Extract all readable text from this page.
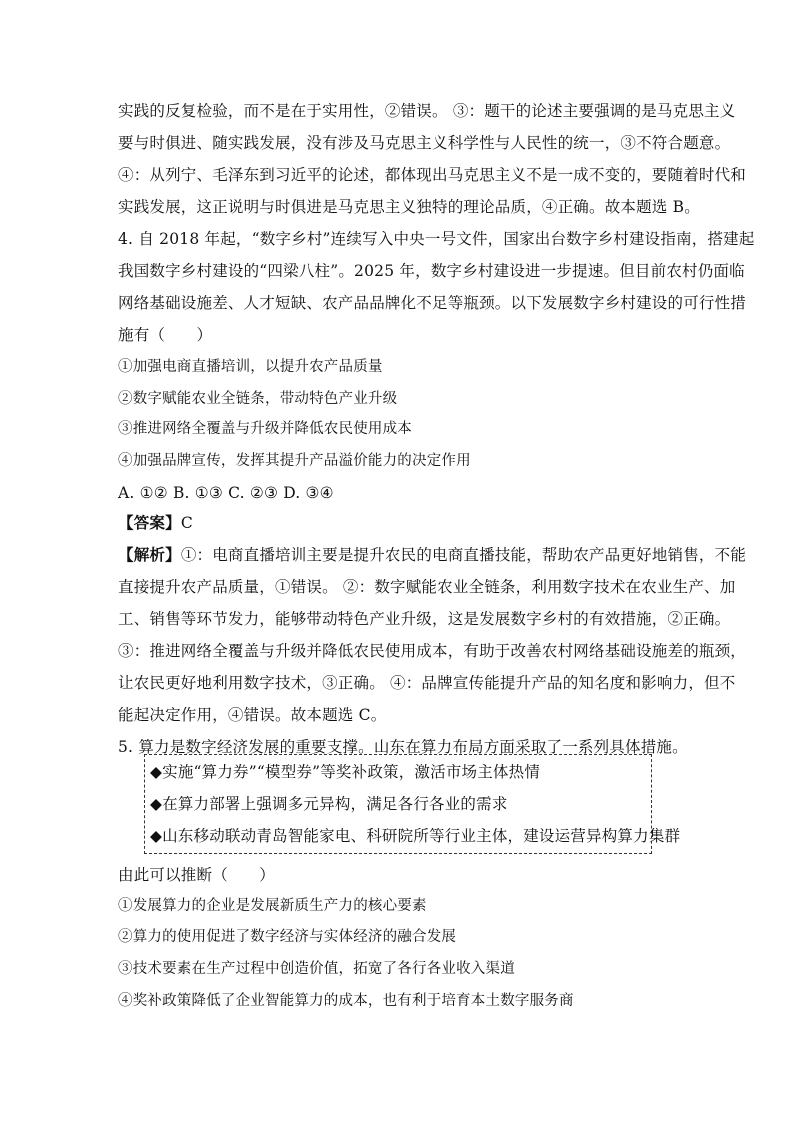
实践的反复检验，而不是在于实用性，②错误。 ③：题干的论述主要强调的是马克思主义
要与时俱进、随实践发展，没有涉及马克思主义科学性与人民性的统一，③不符合题意。
④：从列宁、毛泽东到习近平的论述，都体现出马克思主义不是一成不变的，要随着时代和
实践发展，这正说明与时俱进是马克思主义独特的理论品质，④正确。故本题选 B。
4. 自 2018 年起，“数字乡村”连续写入中央一号文件，国家出台数字乡村建设指南，搭建起
我国数字乡村建设的“四梁八柱”。2025 年，数字乡村建设进一步提速。但目前农村仍面临
网络基础设施差、人才短缺、农产品品牌化不足等瓶颈。以下发展数字乡村建设的可行性措
施有（　　）
①加强电商直播培训，以提升农产品质量
②数字赋能农业全链条，带动特色产业升级
③推进网络全覆盖与升级并降低农民使用成本
④加强品牌宣传，发挥其提升产品溢价能力的决定作用
A. ①② B. ①③ C. ②③ D. ③④
【答案】C
【解析】①：电商直播培训主要是提升农民的电商直播技能，帮助农产品更好地销售，不能
直接提升农产品质量，①错误。 ②：数字赋能农业全链条，利用数字技术在农业生产、加
工、销售等环节发力，能够带动特色产业升级，这是发展数字乡村的有效措施，②正确。
③：推进网络全覆盖与升级并降低农民使用成本，有助于改善农村网络基础设施差的瓶颈，
让农民更好地利用数字技术，③正确。 ④：品牌宣传能提升产品的知名度和影响力，但不
能起决定作用，④错误。故本题选 C。
5. 算力是数字经济发展的重要支撑。山东在算力布局方面采取了一系列具体措施。
◆实施“算力券”“模型券”等奖补政策，激活市场主体热情
◆在算力部署上强调多元异构，满足各行各业的需求
◆山东移动联动青岛智能家电、科研院所等行业主体，建设运营异构算力集群
由此可以推断（　　）
①发展算力的企业是发展新质生产力的核心要素
②算力的使用促进了数字经济与实体经济的融合发展
③技术要素在生产过程中创造价值，拓宽了各行各业收入渠道
④奖补政策降低了企业智能算力的成本，也有利于培育本土数字服务商
